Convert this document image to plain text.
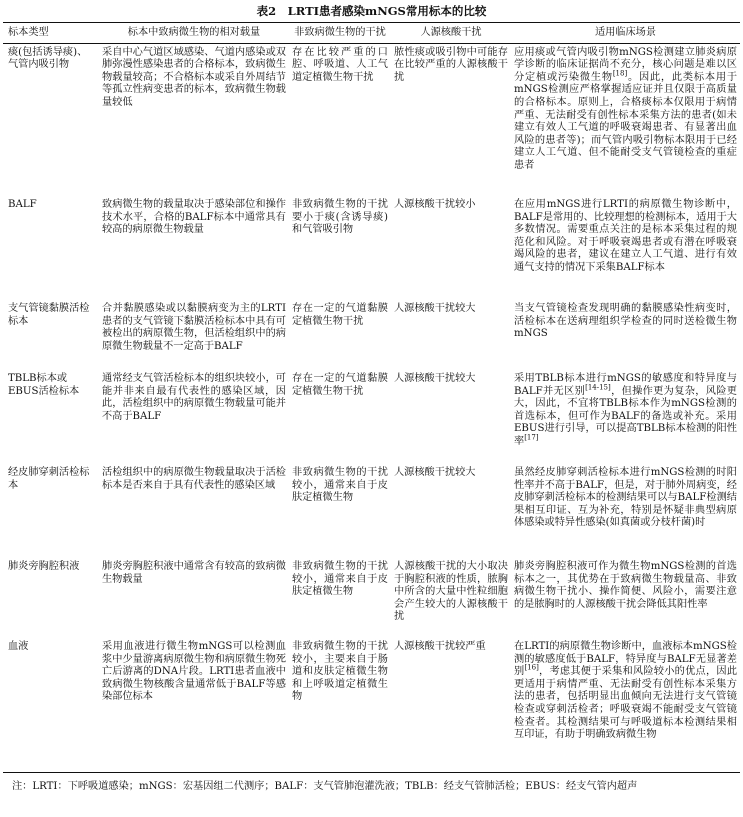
表2　LRTI患者感染mNGS常用标本的比较
标本类型	标本中致病微生物的相对载量	非致病微生物的干扰	人源核酸干扰	适用临床场景
痰(包括诱导痰)、气管内吸引物	采自中心气道区域感染、气道内感染或双肺弥漫性感染患者的合格标本，致病微生物载量较高；不合格标本或采自外周结节等孤立性病变患者的标本，致病微生物载量较低	存在比较严重的口腔、呼吸道、人工气道定植微生物干扰	脓性痰或吸引物中可能存在比较严重的人源核酸干扰	应用痰或气管内吸引物mNGS检测建立肺炎病原学诊断的临床证据尚不充分，核心问题是难以区分定植或污染微生物[18]。因此，此类标本用于mNGS检测应严格掌握适应证并且仅限于高质量的合格标本。原则上，合格痰标本仅限用于病情严重、无法耐受有创性标本采集方法的患者(如未建立有效人工气道的呼吸衰竭患者、有显著出血风险的患者等)；而气管内吸引物标本限用于已经建立人工气道、但不能耐受支气管镜检查的重症患者
BALF	致病微生物的载量取决于感染部位和操作技术水平，合格的BALF标本中通常具有较高的病原微生物载量	非致病微生物的干扰要小于痰(含诱导痰)和气管吸引物	人源核酸干扰较小	在应用mNGS进行LRTI的病原微生物诊断中，BALF是常用的、比较理想的检测标本，适用于大多数情况。需要重点关注的是标本采集过程的规范化和风险。对于呼吸衰竭患者或有潜在呼吸衰竭风险的患者，建议在建立人工气道、进行有效通气支持的情况下采集BALF标本
支气管镜黏膜活检标本	合并黏膜感染或以黏膜病变为主的LRTI患者的支气管镜下黏膜活检标本中具有可被检出的病原微生物，但活检组织中的病原微生物载量不一定高于BALF	存在一定的气道黏膜定植微生物干扰	人源核酸干扰较大	当支气管镜检查发现明确的黏膜感染性病变时，活检标本在送病理组织学检查的同时送检微生物mNGS
TBLB标本或EBUS活检标本	通常经支气管活检标本的组织块较小，可能并非来自最有代表性的感染区域，因此，活检组织中的病原微生物载量可能并不高于BALF	存在一定的气道黏膜定植微生物干扰	人源核酸干扰较大	采用TBLB标本进行mNGS的敏感度和特异度与BALF并无区别[14-15]，但操作更为复杂，风险更大，因此，不宜将TBLB标本作为mNGS检测的首选标本，但可作为BALF的备选或补充。采用EBUS进行引导，可以提高TBLB标本检测的阳性率[17]
经皮肺穿刺活检标本	活检组织中的病原微生物载量取决于活检标本是否来自于具有代表性的感染区域	非致病微生物的干扰较小，通常来自于皮肤定植微生物	人源核酸干扰较大	虽然经皮肺穿刺活检标本进行mNGS检测的时阳性率并不高于BALF，但是，对于肺外周病变，经皮肺穿刺活检标本的检测结果可以与BALF检测结果相互印证、互为补充，特别是怀疑非典型病原体感染或特异性感染(如真菌或分枝杆菌)时
肺炎旁胸腔积液	肺炎旁胸腔积液中通常含有较高的致病微生物载量	非致病微生物的干扰较小，通常来自于皮肤定植微生物	人源核酸干扰的大小取决于胸腔积液的性质，脓胸中所含的大量中性粒细胞会产生较大的人源核酸干扰	肺炎旁胸腔积液可作为微生物mNGS检测的首选标本之一，其优势在于致病微生物载量高、非致病微生物干扰小、操作简便、风险小，需要注意的是脓胸时的人源核酸干扰会降低其阳性率
血液	采用血液进行微生物mNGS可以检测血浆中少量游离病原微生物和病原微生物死亡后游离的DNA片段。LRTI患者血液中致病微生物核酸含量通常低于BALF等感染部位标本	非致病微生物的干扰较小，主要来自于肠道和皮肤定植微生物和上呼吸道定植微生物	人源核酸干扰较严重	在LRTI的病原微生物诊断中，血液标本mNGS检测的敏感度低于BALF，特异度与BALF无显著差别[16]，考虑其便于采集和风险较小的优点，因此更适用于病情严重、无法耐受有创性标本采集方法的患者，包括明显出血倾向无法进行支气管镜检查或穿刺活检者；呼吸衰竭不能耐受支气管镜检查者。其检测结果可与呼吸道标本检测结果相互印证，有助于明确致病微生物
注：LRTI：下呼吸道感染；mNGS：宏基因组二代测序；BALF：支气管肺泡灌洗液；TBLB：经支气管肺活检；EBUS：经支气管内超声
